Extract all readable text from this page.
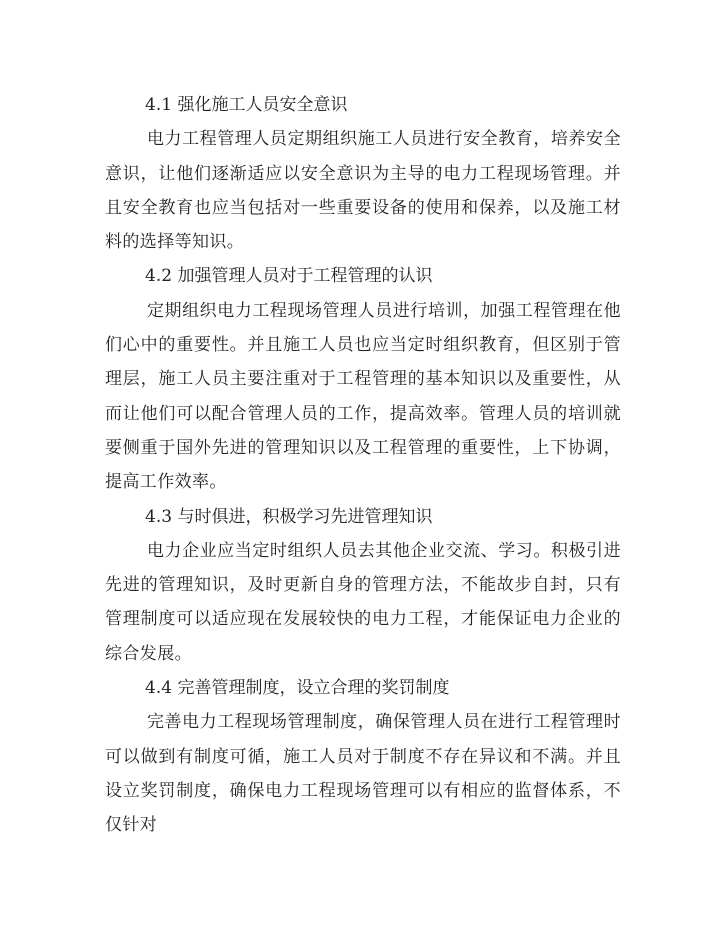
4.1 强化施工人员安全意识

电力工程管理人员定期组织施工人员进行安全教育，培养安全意识，让他们逐渐适应以安全意识为主导的电力工程现场管理。并且安全教育也应当包括对一些重要设备的使用和保养，以及施工材料的选择等知识。

4.2 加强管理人员对于工程管理的认识

定期组织电力工程现场管理人员进行培训，加强工程管理在他们心中的重要性。并且施工人员也应当定时组织教育，但区别于管理层，施工人员主要注重对于工程管理的基本知识以及重要性，从而让他们可以配合管理人员的工作，提高效率。管理人员的培训就要侧重于国外先进的管理知识以及工程管理的重要性，上下协调，提高工作效率。

4.3 与时俱进，积极学习先进管理知识

电力企业应当定时组织人员去其他企业交流、学习。积极引进先进的管理知识，及时更新自身的管理方法，不能故步自封，只有管理制度可以适应现在发展较快的电力工程，才能保证电力企业的综合发展。

4.4 完善管理制度，设立合理的奖罚制度

完善电力工程现场管理制度，确保管理人员在进行工程管理时可以做到有制度可循，施工人员对于制度不存在异议和不满。并且设立奖罚制度，确保电力工程现场管理可以有相应的监督体系，不仅针对
